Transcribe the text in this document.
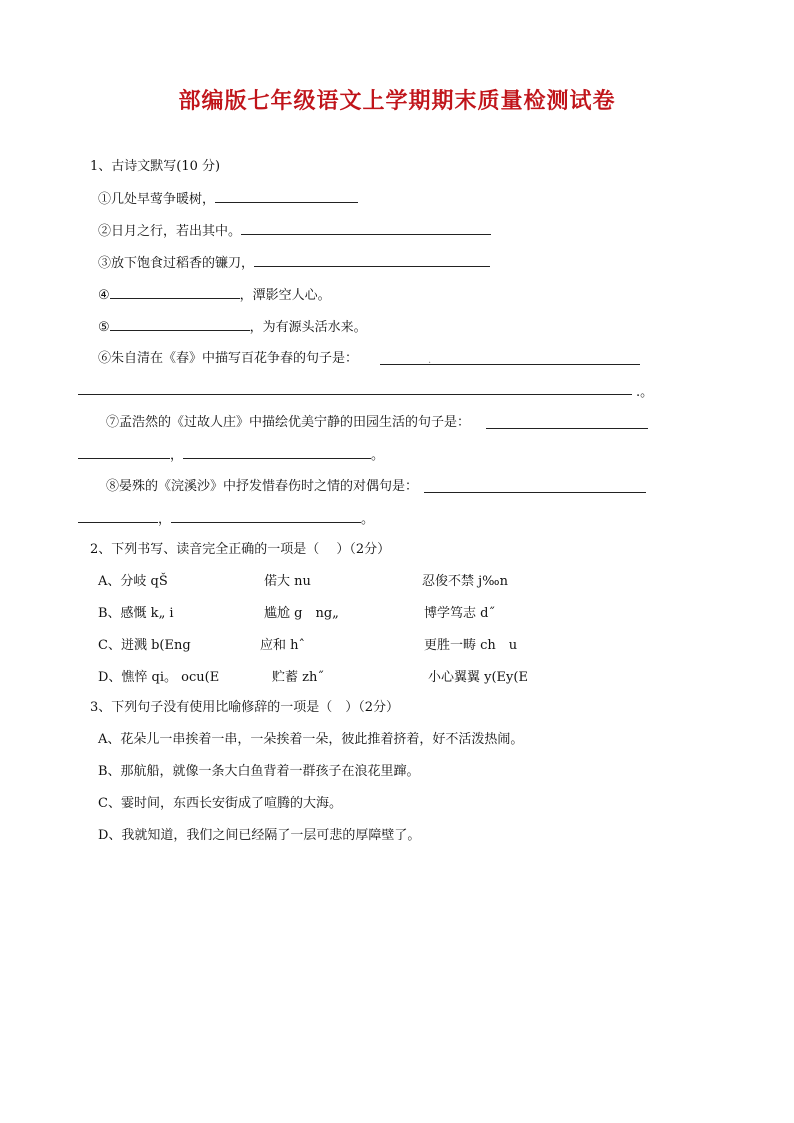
部编版七年级语文上学期期末质量检测试卷
1、古诗文默写(10 分)
①几处早莺争暖树，
②日月之行，若出其中。
③放下饱食过稻香的镰刀，
④	，潭影空人心。
⑤	，为有源头活水来。
⑥朱自清在《春》中描写百花争春的句子是：	.
.。
⑦孟浩然的《过故人庄》中描绘优美宁静的田园生活的句子是：
，	。
⑧晏殊的《浣溪沙》中抒发惜春伤时之情的对偶句是：
，	。
2、下列书写、读音完全正确的一项是（　 ）（2分）
A、分岐 qŠ	偌大 nu	忍俊不禁 j‰n
B、感慨 k„ i	尴尬 g　ng„	博学笃志 d˝
C、迸溅 b(Eng	应和 hˆ	更胜一畴 ch　u
D、憔悴 qi。 ocu(E	贮蓄 zh˝	小心翼翼 y(Ey(E
3、下列句子没有使用比喻修辞的一项是（　）（2分）
A、花朵儿一串挨着一串，一朵挨着一朵，彼此推着挤着，好不活泼热闹。
B、那航船，就像一条大白鱼背着一群孩子在浪花里蹿。
C、霎时间，东西长安街成了喧腾的大海。
D、我就知道，我们之间已经隔了一层可悲的厚障壁了。
